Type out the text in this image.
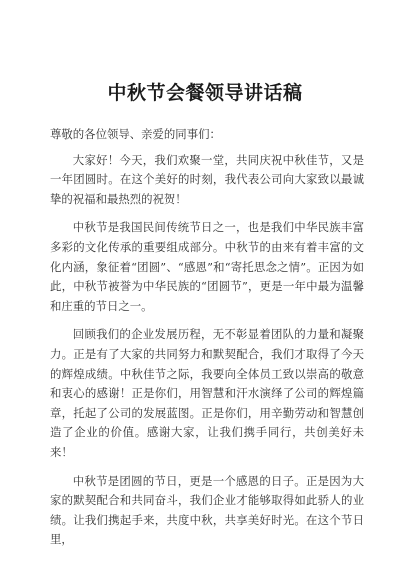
中秋节会餐领导讲话稿

尊敬的各位领导、亲爱的同事们：

大家好！今天，我们欢聚一堂，共同庆祝中秋佳节，又是一年团圆时。在这个美好的时刻，我代表公司向大家致以最诚挚的祝福和最热烈的祝贺！

中秋节是我国民间传统节日之一，也是我们中华民族丰富多彩的文化传承的重要组成部分。中秋节的由来有着丰富的文化内涵，象征着“团圆”、“感恩”和“寄托思念之情”。正因为如此，中秋节被誉为中华民族的“团圆节”，更是一年中最为温馨和庄重的节日之一。

回顾我们的企业发展历程，无不彰显着团队的力量和凝聚力。正是有了大家的共同努力和默契配合，我们才取得了今天的辉煌成绩。中秋佳节之际，我要向全体员工致以崇高的敬意和衷心的感谢！正是你们，用智慧和汗水演绎了公司的辉煌篇章，托起了公司的发展蓝图。正是你们，用辛勤劳动和智慧创造了企业的价值。感谢大家，让我们携手同行，共创美好未来！

中秋节是团圆的节日，更是一个感恩的日子。正是因为大家的默契配合和共同奋斗，我们企业才能够取得如此骄人的业绩。让我们携起手来，共度中秋，共享美好时光。在这个节日里，
